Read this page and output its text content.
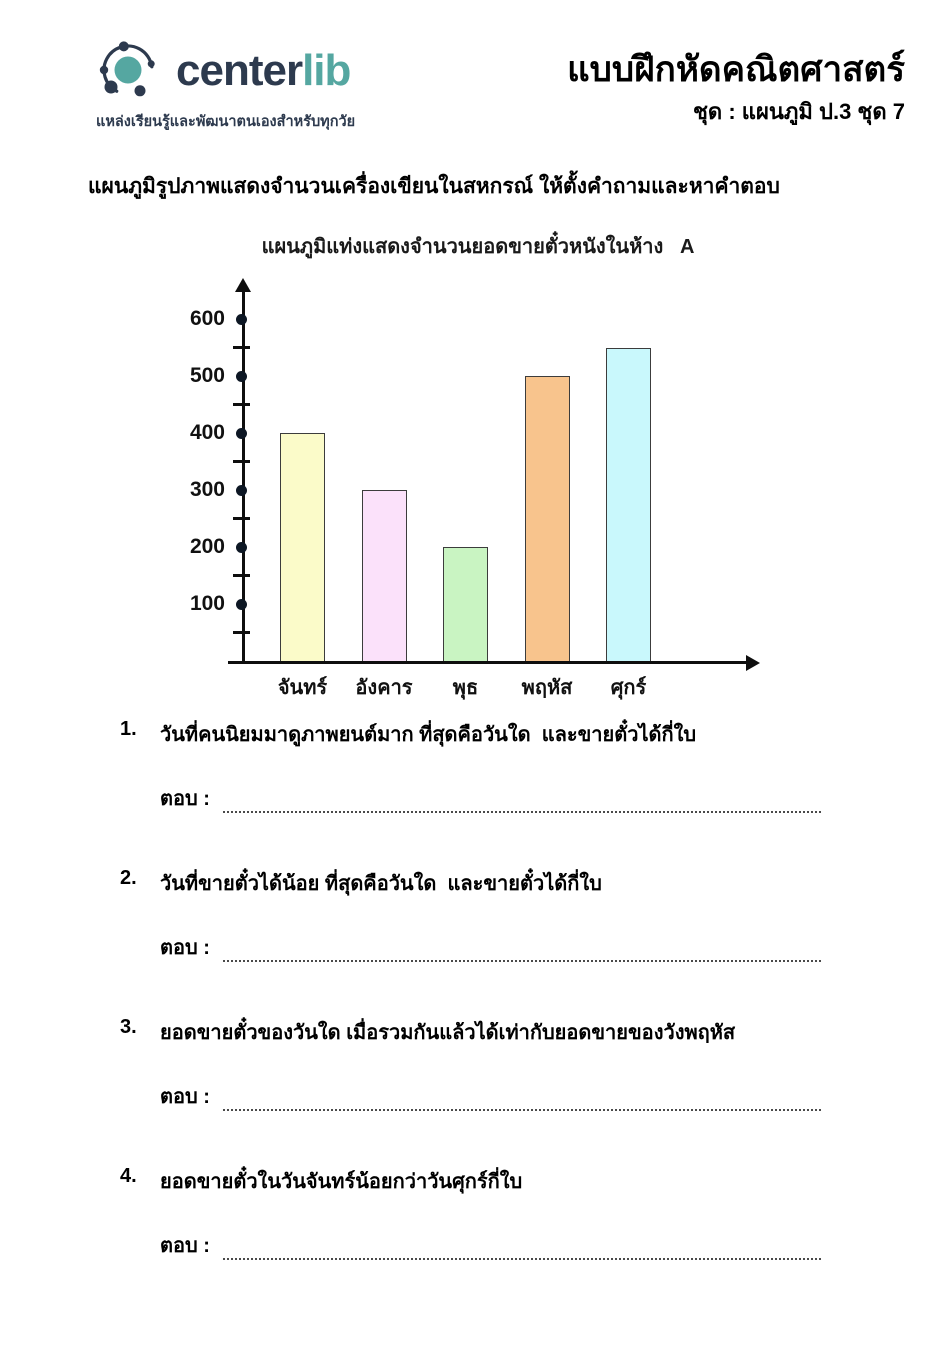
centerlib
แหล่งเรียนรู้และพัฒนาตนเองสำหรับทุกวัย
แบบฝึกหัดคณิตศาสตร์
ชุด : แผนภูมิ ป.3 ชุด 7
แผนภูมิรูปภาพแสดงจำนวนเครื่องเขียนในสหกรณ์ ให้ตั้งคำถามและหาคำตอบ
แผนภูมิแท่งแสดงจำนวนยอดขายตั๋วหนังในห้าง   A
100
200
300
400
500
600
จันทร์	อังคาร	พุธ	พฤหัส	ศุกร์
1.	วันที่คนนิยมมาดูภาพยนต์มาก ที่สุดคือวันใด  และขายตั๋วได้กี่ใบ
ตอบ :
2.	วันที่ขายตั๋วได้น้อย ที่สุดคือวันใด  และขายตั๋วได้กี่ใบ
ตอบ :
3.	ยอดขายตั๋วของวันใด เมื่อรวมกันแล้วได้เท่ากับยอดขายของวังพฤหัส
ตอบ :
4.	ยอดขายตั๋วในวันจันทร์น้อยกว่าวันศุกร์กี่ใบ
ตอบ :
